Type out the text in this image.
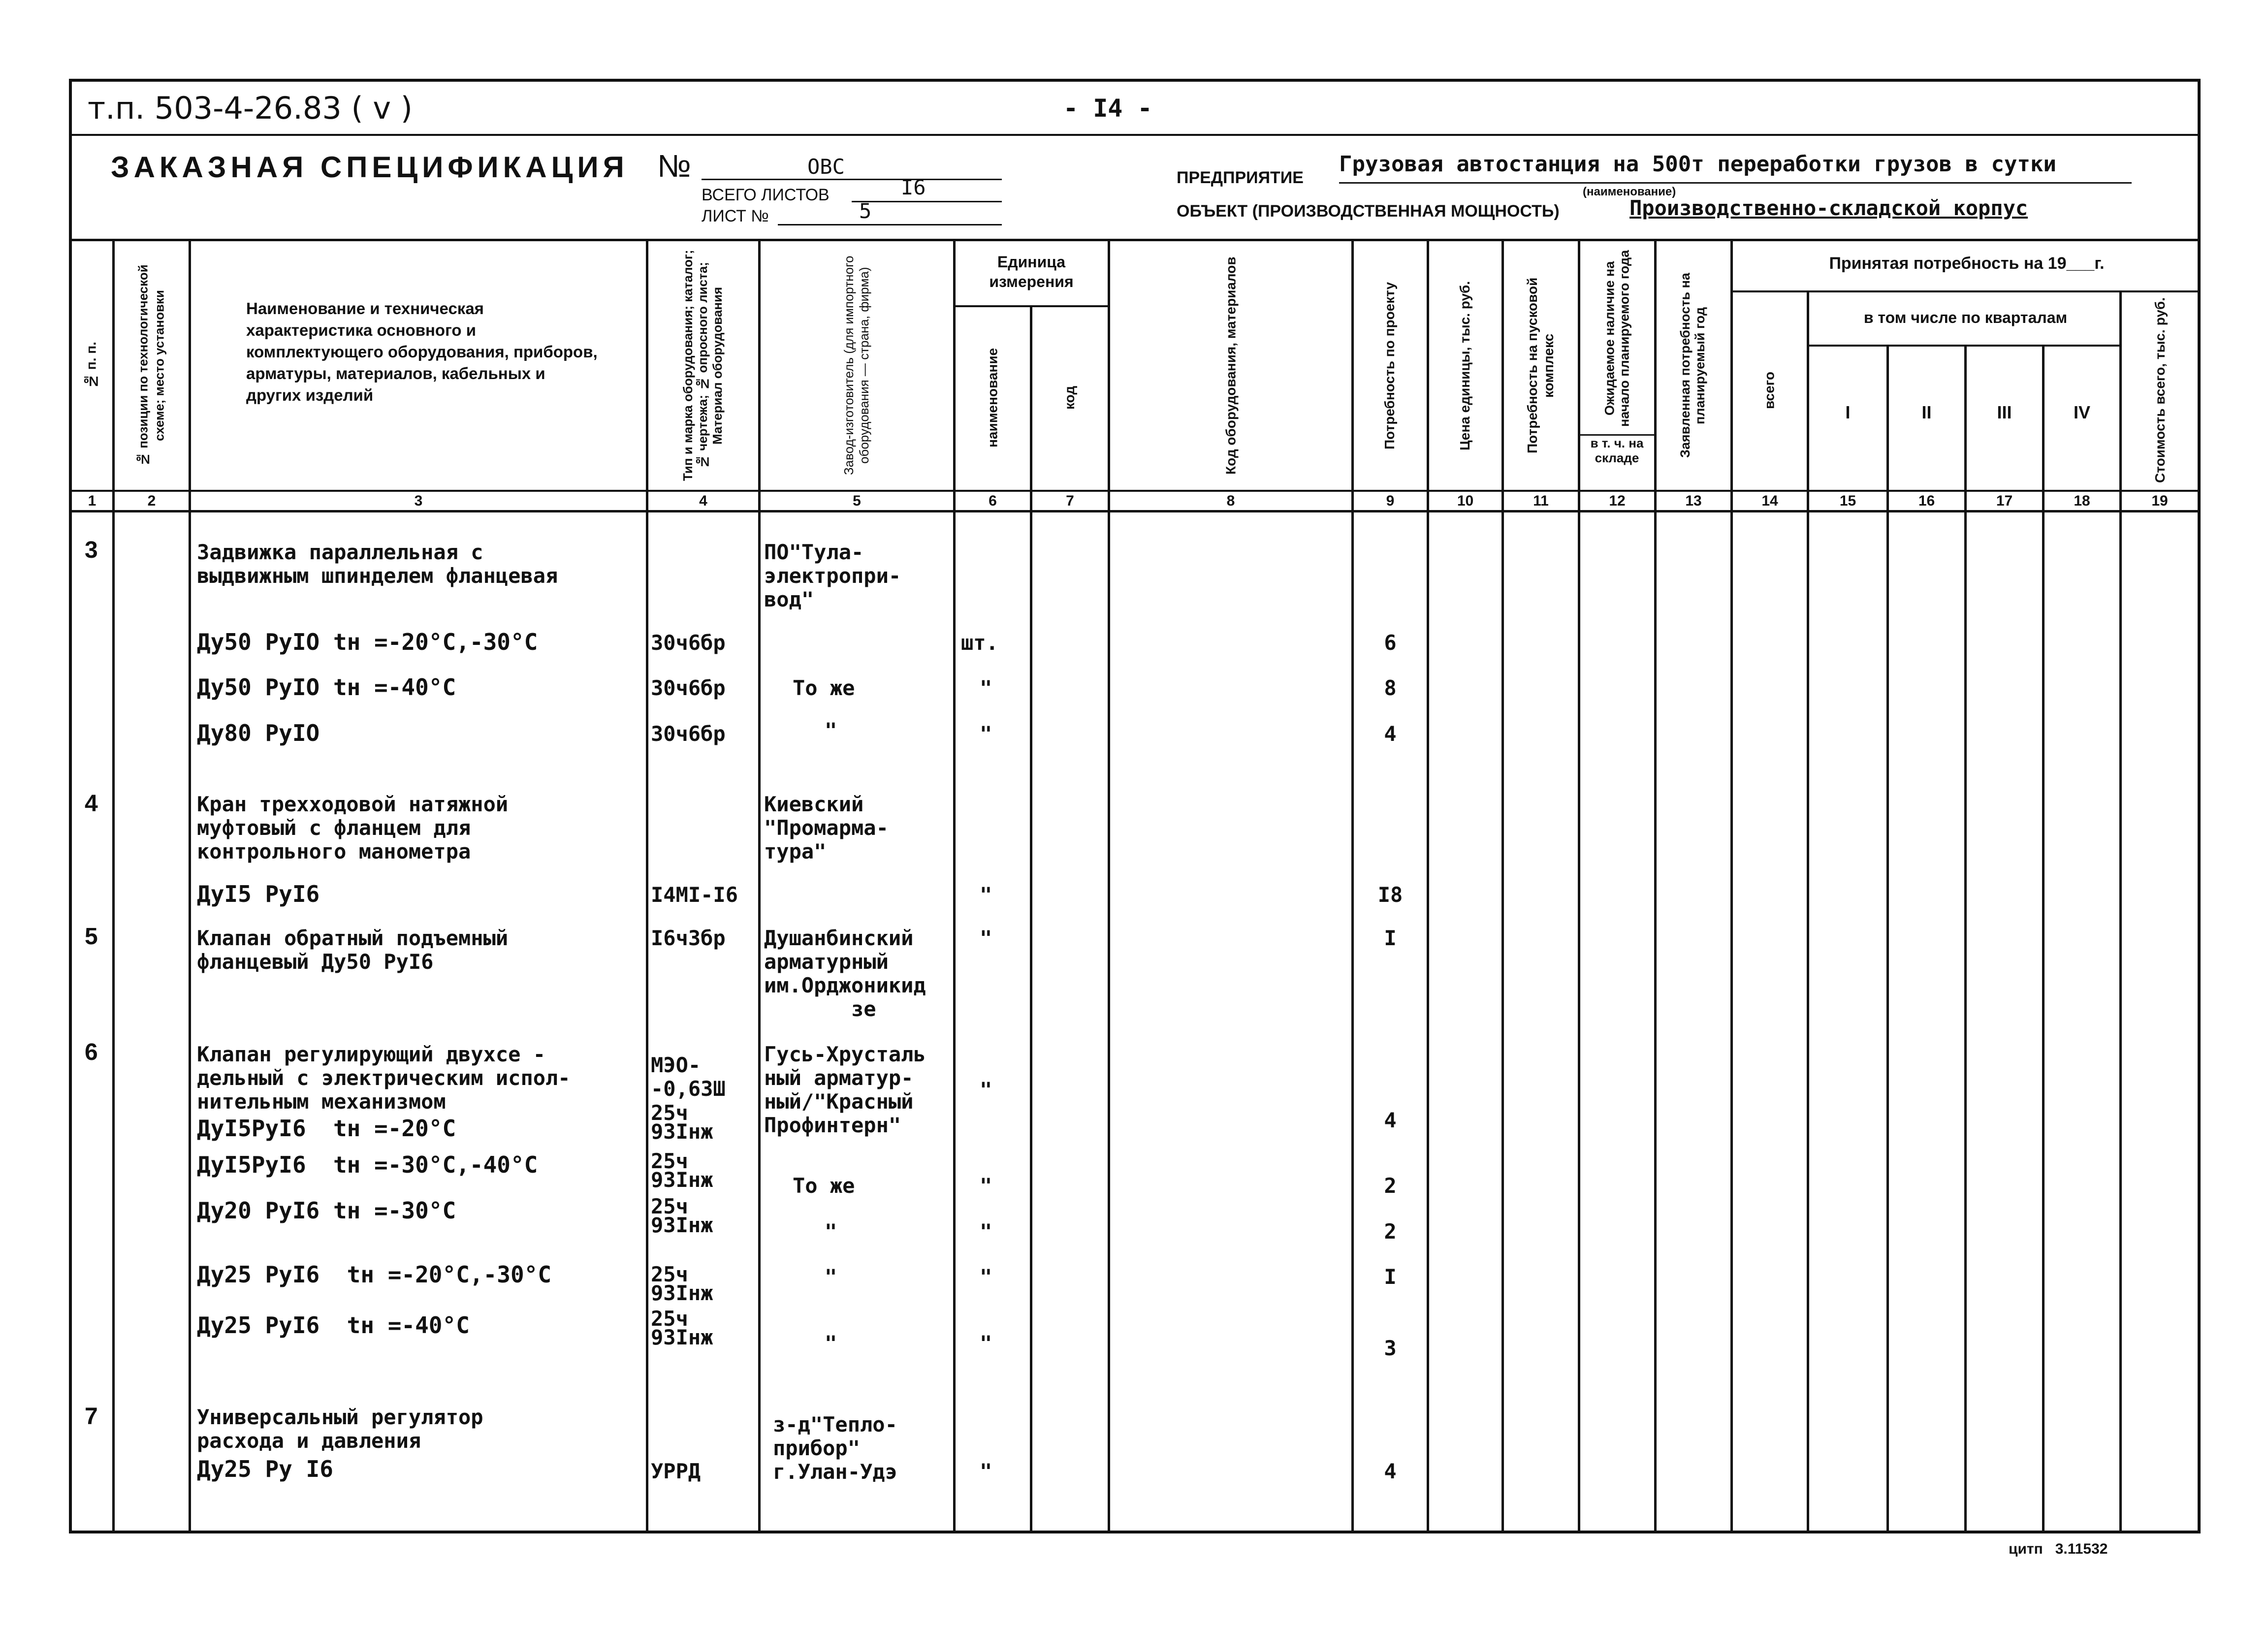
т.п. 503-4-26.83 ( v )	- I4 -
ЗАКАЗНАЯ СПЕЦИФИКАЦИЯ №	ОВС
ВСЕГО ЛИСТОВ	I6
ЛИСТ №	5
ПРЕДПРИЯТИЕ
Грузовая автостанция на 500т переработки грузов в сутки
(наименование)
ОБЪЕКТ (ПРОИЗВОДСТВЕННАЯ МОЩНОСТЬ)	Производственно-складской корпус
№ п. п.	№ позиции по технологической схеме; место установки	Наименование и техническая характеристика основного и комплектующего оборудования, приборов, арматуры, материалов, кабельных и других изделий	Тип и марка оборудования; каталог; № чертежа; № опросного листа; Материал оборудования	Завод-изготовитель (для импортного оборудования — страна, фирма)
Единица измерения
наименование	код	Код оборудования, материалов	Потребность по проекту	Цена единицы, тыс. руб.	Потребность на пусковой комплекс	Ожидаемое наличие на начало планируемого года
в т. ч. на складе	Заявленная потребность на планируемый год
Принятая потребность на 19___г.
всего
в том числе по кварталам
I	II	III	IV	Стоимость всего, тыс. руб.
1	2	3	4	5	6	7	8	9	10	11	12	13	14	15	16	17	18	19
3	Задвижка параллельная с
выдвижным шпинделем фланцевая
ПО"Тула-
электропри-
вод"
Ду50 РуIO tн =-20°C,-30°C	30ч6бр	шт.	6
Ду50 РуIO tн =-40°C	30ч6бр	То же	"	8
Ду80 РуIO	30ч6бр	"	"	4
4	Кран трехходовой натяжной
муфтовый с фланцем для
контрольного манометра
Киевский
"Промарма-
тура"
ДуI5 РуI6	I4МI-I6	"	I8
5	Клапан обратный подъемный
фланцевый Ду50 РуI6
I6ч3бр Душанбинский
арматурный
им.Орджоникид
зе
"	I
6	Клапан регулирующий двухсе -
дельный с электрическим испол-
нительным механизмом
МЭО-
-0,63Ш
Гусь-Хрусталь
ный арматур-
ный/"Красный
Профинтерн"
"
ДуI5РуI6  tн =-20°C
25ч
93Iнж	4
ДуI5РуI6  tн =-30°C,-40°C	25ч
93Iнж	То же	"	2
Ду20 РуI6 tн =-30°C	25ч
93Iнж	"	"	2
Ду25 РуI6  tн =-20°C,-30°C	25ч
93Iнж
"	"	I
Ду25 РуI6  tн =-40°C	25ч
93Iнж	"	"	3
7	Универсальный регулятор
расхода и давления
Ду25 Ру I6	УРРД
з-д"Тепло-
прибор"
г.Улан-Удэ	"	4
цитп   3.11532
